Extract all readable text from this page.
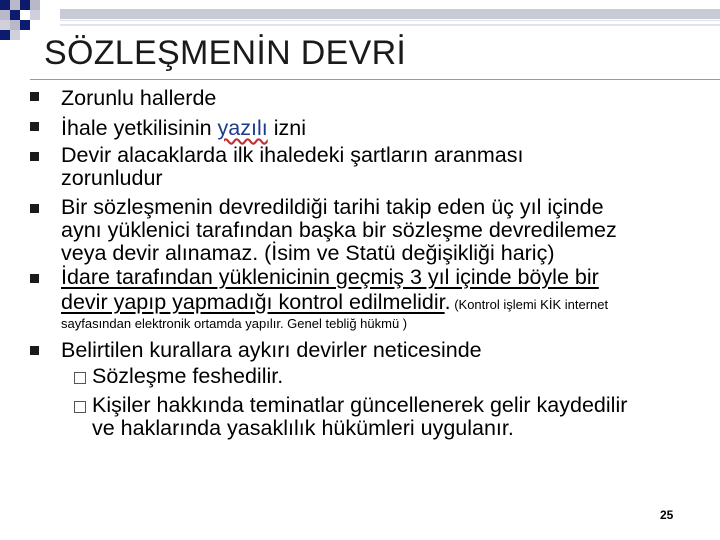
SÖZLEŞMENİN DEVRİ
Zorunlu hallerde
İhale yetkilisinin yazılı izni
Devir alacaklarda ilk ihaledeki şartların aranması
zorunludur
Bir sözleşmenin devredildiği tarihi takip eden üç yıl içinde
aynı yüklenici tarafından başka bir sözleşme devredilemez
veya devir alınamaz. (İsim ve Statü değişikliği hariç)
İdare tarafından yüklenicinin geçmiş 3 yıl içinde böyle bir
devir yapıp yapmadığı kontrol edilmelidir. (Kontrol işlemi KİK internet
sayfasından elektronik ortamda yapılır. Genel tebliğ hükmü )
Belirtilen kurallara aykırı devirler neticesinde
Sözleşme feshedilir.
Kişiler hakkında teminatlar güncellenerek gelir kaydedilir
ve haklarında yasaklılık hükümleri uygulanır.
25
